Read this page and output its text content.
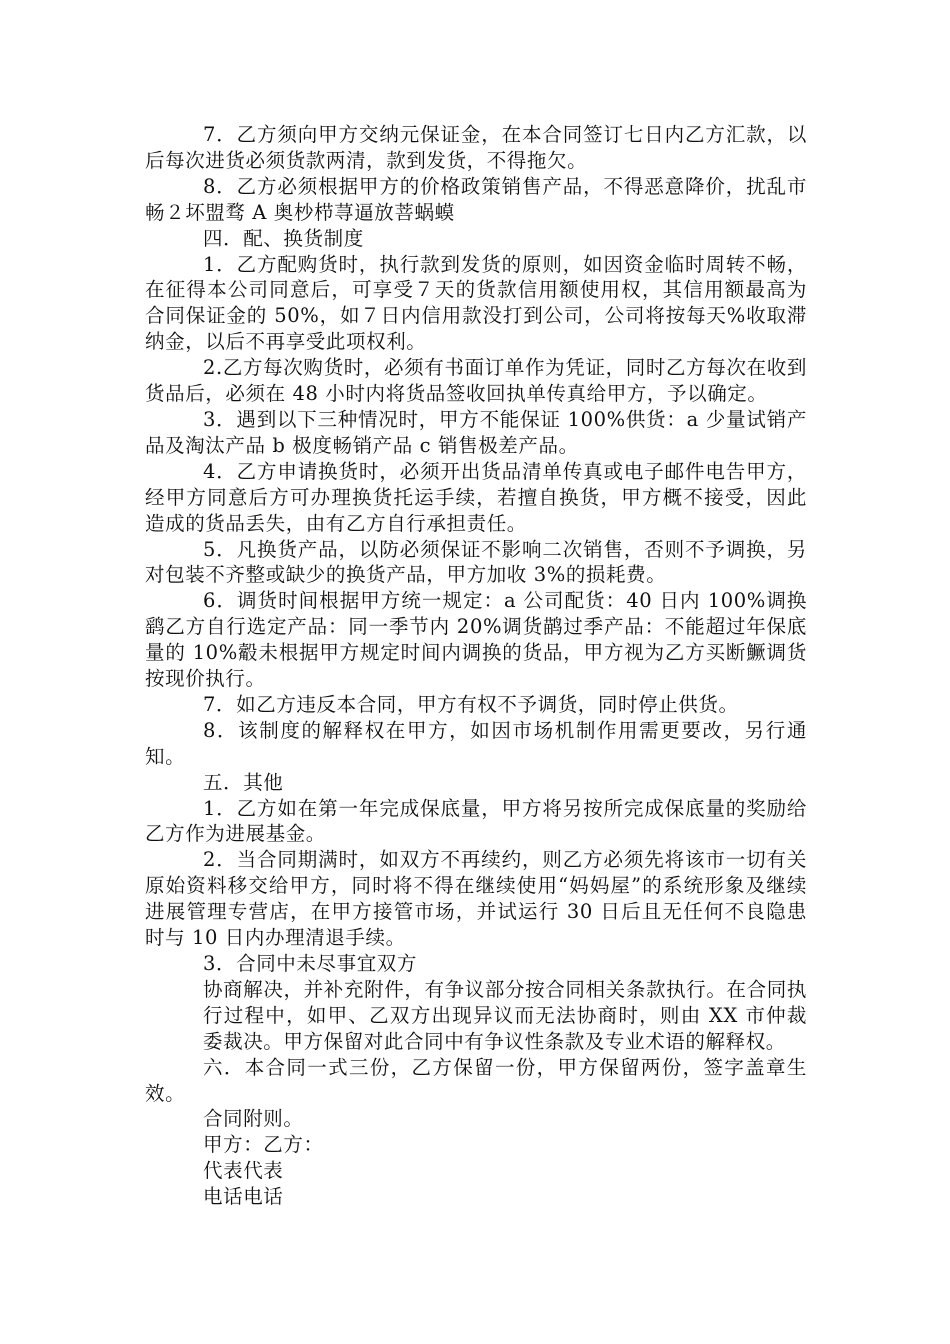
7．乙方须向甲方交纳元保证金，在本合同签订七日内乙方汇款，以后每次进货必须货款两清，款到发货，不得拖欠。

8．乙方必须根据甲方的价格政策销售产品，不得恶意降价，扰乱市畅２坏盟骛 A 奥杪栉荨逼放菩蜗蟆

四．配、换货制度

1．乙方配购货时，执行款到发货的原则，如因资金临时周转不畅，在征得本公司同意后，可享受７天的货款信用额使用权，其信用额最高为合同保证金的 50%，如７日内信用款没打到公司，公司将按每天%收取滞纳金，以后不再享受此项权利。

2.乙方每次购货时，必须有书面订单作为凭证，同时乙方每次在收到货品后，必须在 48 小时内将货品签收回执单传真给甲方，予以确定。

3．遇到以下三种情况时，甲方不能保证 100%供货：a 少量试销产品及淘汰产品 b 极度畅销产品 c 销售极差产品。

4．乙方申请换货时，必须开出货品清单传真或电子邮件电告甲方，经甲方同意后方可办理换货托运手续，若擅自换货，甲方概不接受，因此造成的货品丢失，由有乙方自行承担责任。

5．凡换货产品，以防必须保证不影响二次销售，否则不予调换，另对包装不齐整或缺少的换货产品，甲方加收 3%的损耗费。

6．调货时间根据甲方统一规定：a 公司配货：40 日内 100%调换鹞乙方自行选定产品：同一季节内 20%调货鹋过季产品：不能超过年保底量的 10%觳未根据甲方规定时间内调换的货品，甲方视为乙方买断鱖调货按现价执行。

7．如乙方违反本合同，甲方有权不予调货，同时停止供货。

8．该制度的解释权在甲方，如因市场机制作用需更要改，另行通知。

五．其他

1．乙方如在第一年完成保底量，甲方将另按所完成保底量的奖励给乙方作为进展基金。

2．当合同期满时，如双方不再续约，则乙方必须先将该市一切有关原始资料移交给甲方，同时将不得在继续使用“妈妈屋”的系统形象及继续进展管理专营店，在甲方接管市场，并试运行 30 日后且无任何不良隐患时与 10 日内办理清退手续。

3．合同中未尽事宜双方

协商解决，并补充附件，有争议部分按合同相关条款执行。在合同执行过程中，如甲、乙双方出现异议而无法协商时，则由 XX 市仲裁委裁决。甲方保留对此合同中有争议性条款及专业术语的解释权。

六．本合同一式三份，乙方保留一份，甲方保留两份，签字盖章生效。

合同附则。

甲方：乙方：

代表代表

电话电话
